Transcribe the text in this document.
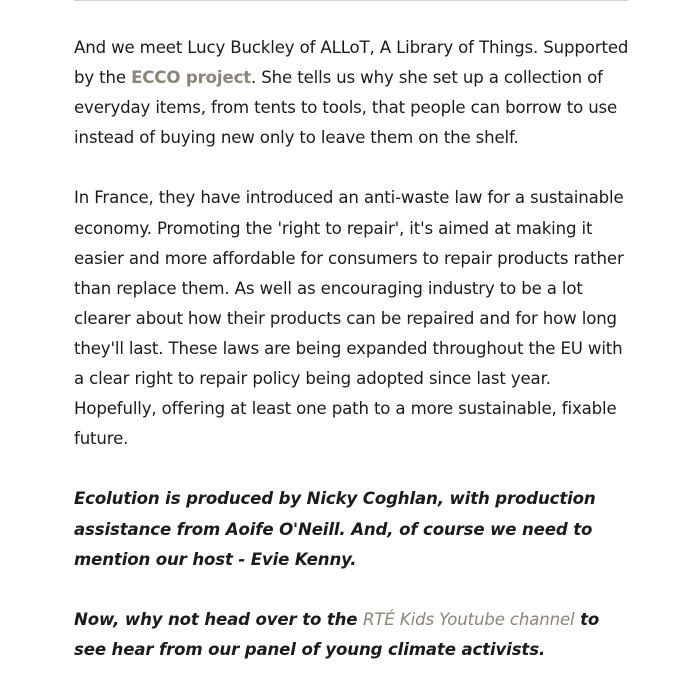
And we meet Lucy Buckley of ALLoT, A Library of Things. Supported by the ECCO project. She tells us why she set up a collection of everyday items, from tents to tools, that people can borrow to use instead of buying new only to leave them on the shelf.

In France, they have introduced an anti-waste law for a sustainable economy. Promoting the 'right to repair', it's aimed at making it easier and more affordable for consumers to repair products rather than replace them. As well as encouraging industry to be a lot clearer about how their products can be repaired and for how long they'll last. These laws are being expanded throughout the EU with a clear right to repair policy being adopted since last year. Hopefully, offering at least one path to a more sustainable, fixable future.

Ecolution is produced by Nicky Coghlan, with production assistance from Aoife O'Neill. And, of course we need to mention our host - Evie Kenny.

Now, why not head over to the RTÉ Kids Youtube channel to see hear from our panel of young climate activists.
